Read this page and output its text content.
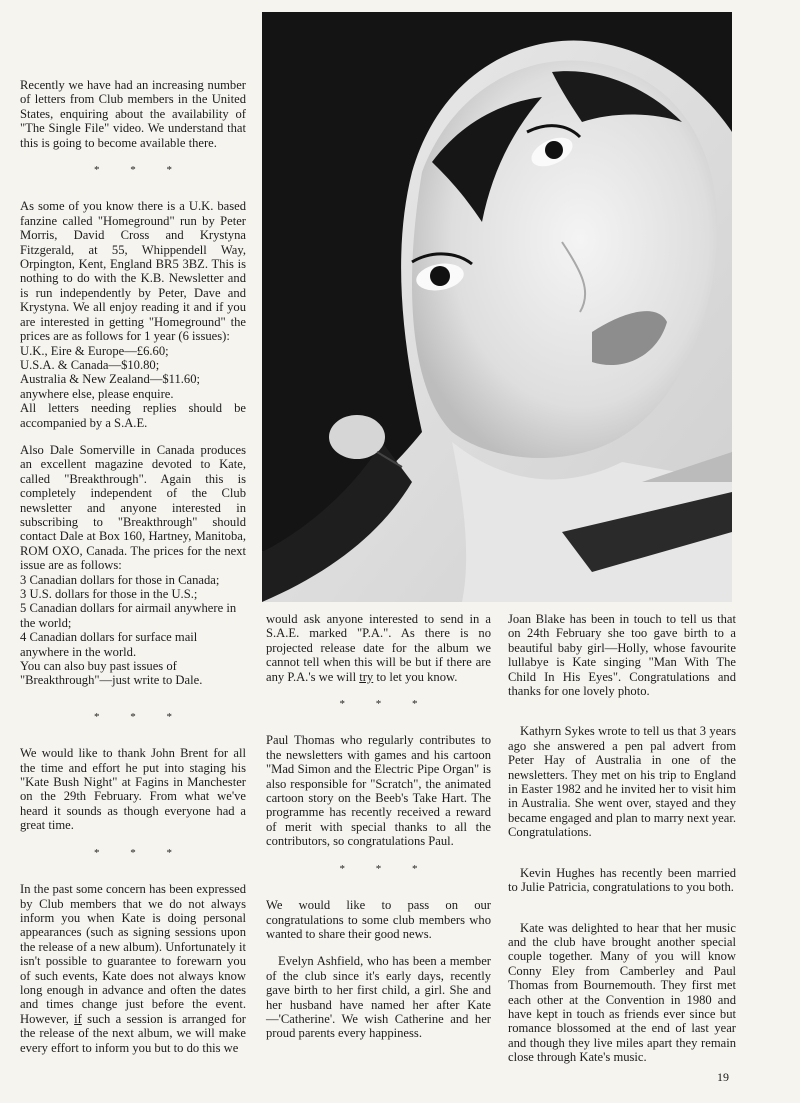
Recently we have had an increasing number of letters from Club members in the United States, enquiring about the availability of "The Single File" video. We understand that this is going to become available there.

* * *

As some of you know there is a U.K. based fanzine called "Homeground" run by Peter Morris, David Cross and Krystyna Fitzgerald, at 55, Whippendell Way, Orpington, Kent, England BR5 3BZ. This is nothing to do with the K.B. Newsletter and is run independently by Peter, Dave and Krystyna. We all enjoy reading it and if you are interested in getting "Homeground" the prices are as follows for 1 year (6 issues):

U.K., Eire & Europe—£6.60;
U.S.A. & Canada—$10.80;
Australia & New Zealand—$11.60;
anywhere else, please enquire.

All letters needing replies should be accompanied by a S.A.E.

Also Dale Somerville in Canada produces an excellent magazine devoted to Kate, called "Breakthrough". Again this is completely independent of the Club newsletter and anyone interested in subscribing to "Breakthrough" should contact Dale at Box 160, Hartney, Manitoba, ROM OXO, Canada. The prices for the next issue are as follows:

3 Canadian dollars for those in Canada;
3 U.S. dollars for those in the U.S.;
5 Canadian dollars for airmail anywhere in the world;
4 Canadian dollars for surface mail anywhere in the world.
You can also buy past issues of "Breakthrough"—just write to Dale.
* * *

We would like to thank John Brent for all the time and effort he put into staging his "Kate Bush Night" at Fagins in Manchester on the 29th February. From what we've heard it sounds as though everyone had a great time.

* * *

In the past some concern has been expressed by Club members that we do not always inform you when Kate is doing personal appearances (such as signing sessions upon the release of a new album). Unfortunately it isn't possible to guarantee to forewarn you of such events, Kate does not always know long enough in advance and often the dates and times change just before the event. However, if such a session is arranged for the release of the next album, we will make every effort to inform you but to do this we

would ask anyone interested to send in a S.A.E. marked "P.A.". As there is no projected release date for the album we cannot tell when this will be but if there are any P.A.'s we will try to let you know.

* * *

Paul Thomas who regularly contributes to the newsletters with games and his cartoon "Mad Simon and the Electric Pipe Organ" is also responsible for "Scratch", the animated cartoon story on the Beeb's Take Hart. The programme has recently received a reward of merit with special thanks to all the contributors, so congratulations Paul.

* * *

We would like to pass on our congratulations to some club members who wanted to share their good news.

Evelyn Ashfield, who has been a member of the club since it's early days, recently gave birth to her first child, a girl. She and her husband have named her after Kate—'Catherine'. We wish Catherine and her proud parents every happiness.

Joan Blake has been in touch to tell us that on 24th February she too gave birth to a beautiful baby girl—Holly, whose favourite lullabye is Kate singing "Man With The Child In His Eyes". Congratulations and thanks for one lovely photo.

Kathyrn Sykes wrote to tell us that 3 years ago she answered a pen pal advert from Peter Hay of Australia in one of the newsletters. They met on his trip to England in Easter 1982 and he invited her to visit him in Australia. She went over, stayed and they became engaged and plan to marry next year. Congratulations.

Kevin Hughes has recently been married to Julie Patricia, congratulations to you both.

Kate was delighted to hear that her music and the club have brought another special couple together. Many of you will know Conny Eley from Camberley and Paul Thomas from Bournemouth. They first met each other at the Convention in 1980 and have kept in touch as friends ever since but romance blossomed at the end of last year and though they live miles apart they remain close through Kate's music.

19
